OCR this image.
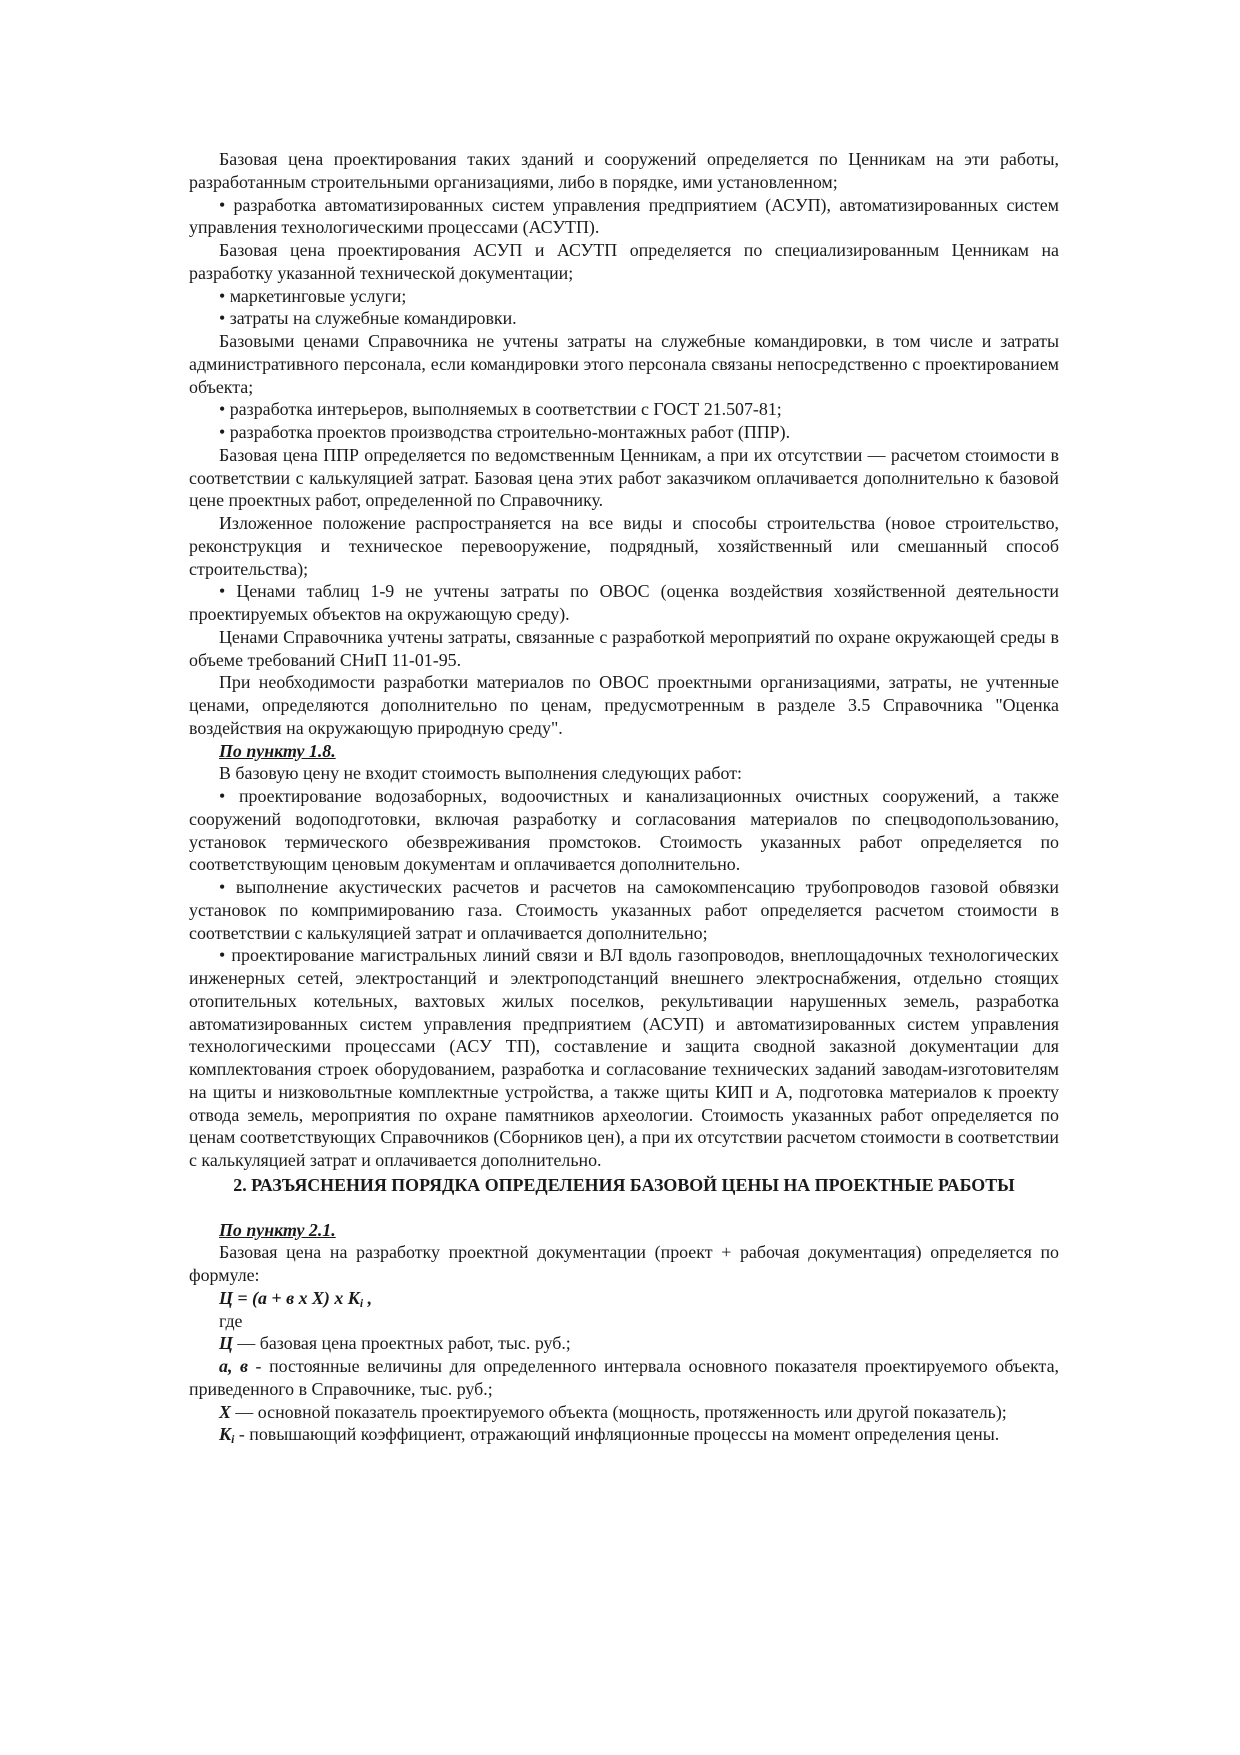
Базовая цена проектирования таких зданий и сооружений определяется по Ценникам на эти работы, разработанным строительными организациями, либо в порядке, ими установленном;

• разработка автоматизированных систем управления предприятием (АСУП), автоматизированных систем управления технологическими процессами (АСУТП).

Базовая цена проектирования АСУП и АСУТП определяется по специализированным Ценникам на разработку указанной технической документации;

• маркетинговые услуги;

• затраты на служебные командировки.

Базовыми ценами Справочника не учтены затраты на служебные командировки, в том числе и затраты административного персонала, если командировки этого персонала связаны непосредственно с проектированием объекта;

• разработка интерьеров, выполняемых в соответствии с ГОСТ 21.507-81;

• разработка проектов производства строительно-монтажных работ (ППР).

Базовая цена ППР определяется по ведомственным Ценникам, а при их отсутствии — расчетом стоимости в соответствии с калькуляцией затрат. Базовая цена этих работ заказчиком оплачивается дополнительно к базовой цене проектных работ, определенной по Справочнику.

Изложенное положение распространяется на все виды и способы строительства (новое строительство, реконструкция и техническое перевооружение, подрядный, хозяйственный или смешанный способ строительства);

• Ценами таблиц 1-9 не учтены затраты по ОВОС (оценка воздействия хозяйственной деятельности проектируемых объектов на окружающую среду).

Ценами Справочника учтены затраты, связанные с разработкой мероприятий по охране окружающей среды в объеме требований СНиП 11-01-95.

При необходимости разработки материалов по ОВОС проектными организациями, затраты, не учтенные ценами, определяются дополнительно по ценам, предусмотренным в разделе 3.5 Справочника "Оценка воздействия на окружающую природную среду".

По пункту 1.8.

В базовую цену не входит стоимость выполнения следующих работ:

• проектирование водозаборных, водоочистных и канализационных очистных сооружений, а также сооружений водоподготовки, включая разработку и согласования материалов по спецводопользованию, установок термического обезвреживания промстоков. Стоимость указанных работ определяется по соответствующим ценовым документам и оплачивается дополнительно.

• выполнение акустических расчетов и расчетов на самокомпенсацию трубопроводов газовой обвязки установок по компримированию газа. Стоимость указанных работ определяется расчетом стоимости в соответствии с калькуляцией затрат и оплачивается дополнительно;

• проектирование магистральных линий связи и ВЛ вдоль газопроводов, внеплощадочных технологических инженерных сетей, электростанций и электроподстанций внешнего электроснабжения, отдельно стоящих отопительных котельных, вахтовых жилых поселков, рекультивации нарушенных земель, разработка автоматизированных систем управления предприятием (АСУП) и автоматизированных систем управления технологическими процессами (АСУ ТП), составление и защита сводной заказной документации для комплектования строек оборудованием, разработка и согласование технических заданий заводам-изготовителям на щиты и низковольтные комплектные устройства, а также щиты КИП и А, подготовка материалов к проекту отвода земель, мероприятия по охране памятников археологии. Стоимость указанных работ определяется по ценам соответствующих Справочников (Сборников цен), а при их отсутствии расчетом стоимости в соответствии с калькуляцией затрат и оплачивается дополнительно.

2. РАЗЪЯСНЕНИЯ ПОРЯДКА ОПРЕДЕЛЕНИЯ БАЗОВОЙ ЦЕНЫ НА ПРОЕКТНЫЕ РАБОТЫ

По пункту 2.1.

Базовая цена на разработку проектной документации (проект + рабочая документация) определяется по формуле:

Ц = (а + в х Х) х $К_i$ ,

где

Ц — базовая цена проектных работ, тыс. руб.;

а, в - постоянные величины для определенного интервала основного показателя проектируемого объекта, приведенного в Справочнике, тыс. руб.;

Х — основной показатель проектируемого объекта (мощность, протяженность или другой показатель);

$К_i$ - повышающий коэффициент, отражающий инфляционные процессы на момент определения цены.
